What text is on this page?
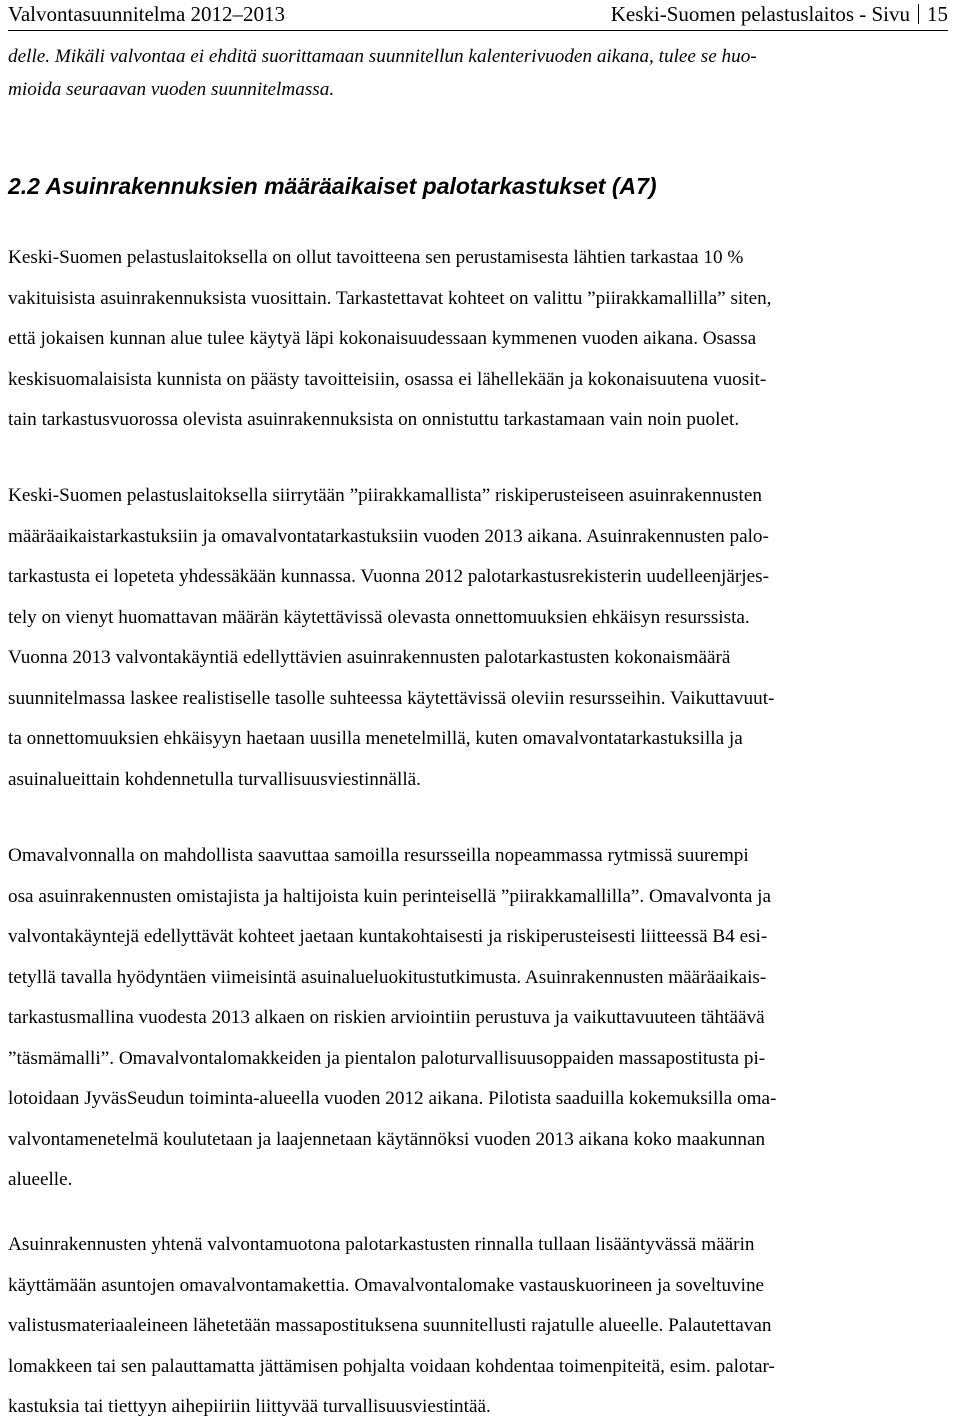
Valvontasuunnitelma 2012–2013	Keski-Suomen pelastuslaitos - Sivu 15

delle. Mikäli valvontaa ei ehditä suorittamaan suunnitellun kalenterivuoden aikana, tulee se huo-
mioida seuraavan vuoden suunnitelmassa.

2.2 Asuinrakennuksien määräaikaiset palotarkastukset (A7)

Keski-Suomen pelastuslaitoksella on ollut tavoitteena sen perustamisesta lähtien tarkastaa 10 %
vakituisista asuinrakennuksista vuosittain. Tarkastettavat kohteet on valittu ”piirakkamallilla” siten,
että jokaisen kunnan alue tulee käytyä läpi kokonaisuudessaan kymmenen vuoden aikana. Osassa
keskisuomalaisista kunnista on päästy tavoitteisiin, osassa ei lähellekään ja kokonaisuutena vuosit-
tain tarkastusvuorossa olevista asuinrakennuksista on onnistuttu tarkastamaan vain noin puolet.

Keski-Suomen pelastuslaitoksella siirrytään ”piirakkamallista” riskiperusteiseen asuinrakennusten
määräaikaistarkastuksiin ja omavalvontatarkastuksiin vuoden 2013 aikana. Asuinrakennusten palo-
tarkastusta ei lopeteta yhdessäkään kunnassa. Vuonna 2012 palotarkastusrekisterin uudelleenjärjes-
tely on vienyt huomattavan määrän käytettävissä olevasta onnettomuuksien ehkäisyn resurssista.
Vuonna 2013 valvontakäyntiä edellyttävien asuinrakennusten palotarkastusten kokonaismäärä
suunnitelmassa laskee realistiselle tasolle suhteessa käytettävissä oleviin resursseihin. Vaikuttavuut-
ta onnettomuuksien ehkäisyyn haetaan uusilla menetelmillä, kuten omavalvontatarkastuksilla ja
asuinalueittain kohdennetulla turvallisuusviestinnällä.

Omavalvonnalla on mahdollista saavuttaa samoilla resursseilla nopeammassa rytmissä suurempi
osa asuinrakennusten omistajista ja haltijoista kuin perinteisellä ”piirakkamallilla”. Omavalvonta ja
valvontakäyntejä edellyttävät kohteet jaetaan kuntakohtaisesti ja riskiperusteisesti liitteessä B4 esi-
tetyllä tavalla hyödyntäen viimeisintä asuinalueluokitustutkimusta. Asuinrakennusten määräaikais-
tarkastusmallina vuodesta 2013 alkaen on riskien arviointiin perustuva ja vaikuttavuuteen tähtäävä
”täsmämalli”. Omavalvontalomakkeiden ja pientalon paloturvallisuusoppaiden massapostitusta pi-
lotoidaan JyväsSeudun toiminta-alueella vuoden 2012 aikana. Pilotista saaduilla kokemuksilla oma-
valvontamenetelmä koulutetaan ja laajennetaan käytännöksi vuoden 2013 aikana koko maakunnan
alueelle.

Asuinrakennusten yhtenä valvontamuotona palotarkastusten rinnalla tullaan lisääntyvässä määrin
käyttämään asuntojen omavalvontamakettia. Omavalvontalomake vastauskuorineen ja soveltuvine
valistusmateriaaleineen lähetetään massapostituksena suunnitellusti rajatulle alueelle. Palautettavan
lomakkeen tai sen palauttamatta jättämisen pohjalta voidaan kohdentaa toimenpiteitä, esim. palotar-
kastuksia tai tiettyyn aihepiiriin liittyvää turvallisuusviestintää.
